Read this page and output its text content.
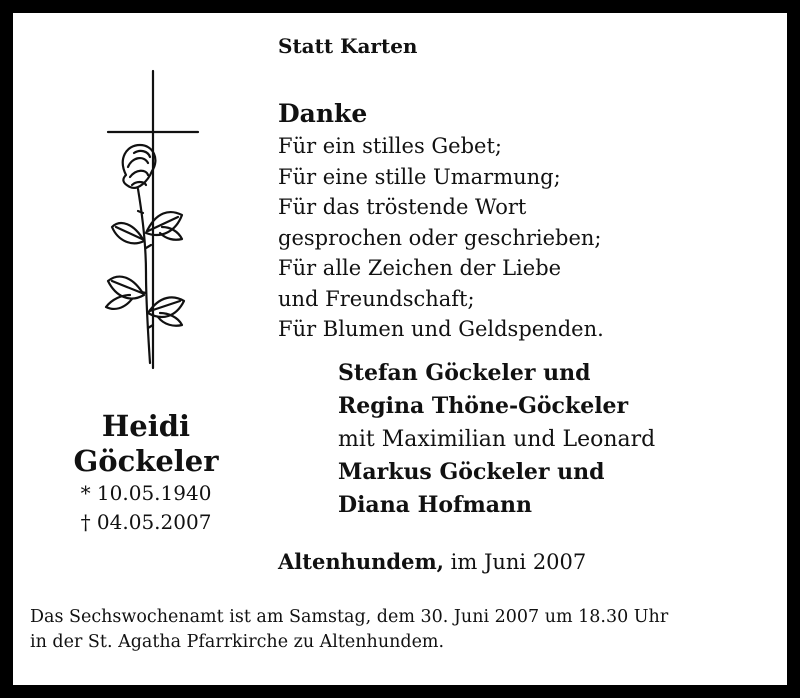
Statt Karten
Danke
Für ein stilles Gebet;
Für eine stille Umarmung;
Für das tröstende Wort
gesprochen oder geschrieben;
Für alle Zeichen der Liebe
und Freundschaft;
Für Blumen und Geldspenden.
Heidi
Göckeler
* 10.05.1940
† 04.05.2007
Stefan Göckeler und
Regina Thöne-Göckeler
mit Maximilian und Leonard
Markus Göckeler und
Diana Hofmann
Altenhundem, im Juni 2007
Das Sechswochenamt ist am Samstag, dem 30. Juni 2007 um 18.30 Uhr
in der St. Agatha Pfarrkirche zu Altenhundem.
